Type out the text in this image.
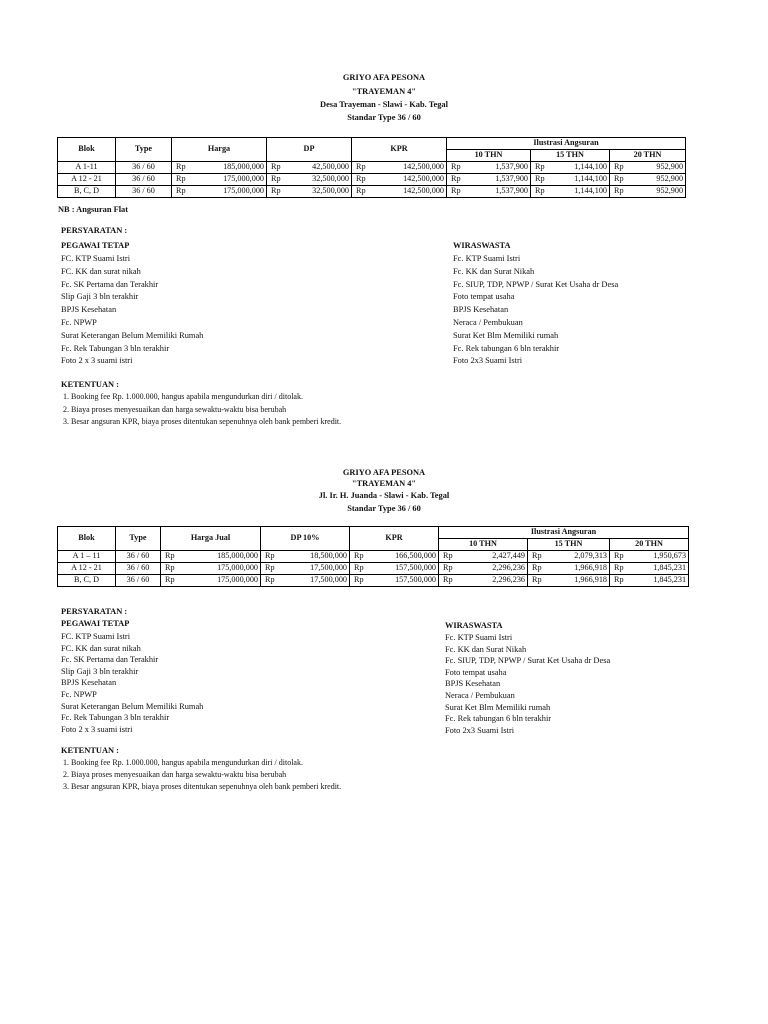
GRIYO AFA PESONA
"TRAYEMAN 4"
Desa Trayeman - Slawi - Kab. Tegal
Standar Type 36 / 60
Blok	Type	Harga	DP	KPR	Ilustrasi Angsuran		
					10 THN	15 THN	20 THN
A 1-11	36 / 60	Rp 185,000,000	Rp 42,500,000	Rp 142,500,000	Rp 1,537,900	Rp 1,144,100	Rp 952,900

A 12 - 21	36 / 60	Rp 175,000,000	Rp 32,500,000	Rp 142,500,000	Rp 1,537,900	Rp 1,144,100	Rp 952,900

B, C, D	36 / 60	Rp 175,000,000	Rp 32,500,000	Rp 142,500,000	Rp 1,537,900	Rp 1,144,100	Rp 952,900
NB : Angsuran Flat
PERSYARATAN :
PEGAWAI TETAP
FC. KTP Suami Istri
FC. KK dan surat nikah
Fc. SK Pertama dan Terakhir
Slip Gaji 3 bln terakhir
BPJS Kesehatan
Fc. NPWP
Surat Keterangan Belum Memiliki Rumah
Fc. Rek Tabungan 3 bln terakhir
Foto 2 x 3 suami istri
WIRASWASTA
Fc. KTP Suami Istri
Fc. KK dan Surat Nikah
Fc. SIUP, TDP, NPWP / Surat Ket Usaha dr Desa
Foto tempat usaha
BPJS Kesehatan
Neraca / Pembukuan
Surat Ket Blm Memiliki rumah
Fc. Rek tabungan 6 bln terakhir
Foto 2x3 Suami Istri
KETENTUAN :
1. Booking fee Rp. 1.000.000, hangus apabila mengundurkan diri / ditolak.
2. Biaya proses menyesuaikan dan harga sewaktu-waktu bisa berubah
3. Besar angsuran KPR, biaya proses ditentukan sepenuhnya oleh bank pemberi kredit.
GRIYO AFA PESONA
"TRAYEMAN 4"
Jl. Ir. H. Juanda - Slawi - Kab. Tegal
Standar Type 36 / 60
Blok	Type	Harga Jual	DP 10%	KPR	Ilustrasi Angsuran		
					10 THN	15 THN	20 THN
A 1 – 11	36 / 60	Rp 185,000,000	Rp 18,500,000	Rp 166,500,000	Rp 2,427,449	Rp 2,079,313	Rp 1,950,673

A 12 - 21	36 / 60	Rp 175,000,000	Rp 17,500,000	Rp 157,500,000	Rp 2,296,236	Rp 1,966,918	Rp 1,845,231

B, C, D	36 / 60	Rp 175,000,000	Rp 17,500,000	Rp 157,500,000	Rp 2,296,236	Rp 1,966,918	Rp 1,845,231
PERSYARATAN :
PEGAWAI TETAP
FC. KTP Suami Istri
FC. KK dan surat nikah
Fc. SK Pertama dan Terakhir
Slip Gaji 3 bln terakhir
BPJS Kesehatan
Fc. NPWP
Surat Keterangan Belum Memiliki Rumah
Fc. Rek Tabungan 3 bln terakhir
Foto 2 x 3 suami istri
WIRASWASTA
Fc. KTP Suami Istri
Fc. KK dan Surat Nikah
Fc. SIUP, TDP, NPWP / Surat Ket Usaha dr Desa
Foto tempat usaha
BPJS Kesehatan
Neraca / Pembukuan
Surat Ket Blm Memiliki rumah
Fc. Rek tabungan 6 bln terakhir
Foto 2x3 Suami Istri
KETENTUAN :
1. Booking fee Rp. 1.000.000, hangus apabila mengundurkan diri / ditolak.
2. Biaya proses menyesuaikan dan harga sewaktu-waktu bisa berubah
3. Besar angsuran KPR, biaya proses ditentukan sepenuhnya oleh bank pemberi kredit.
